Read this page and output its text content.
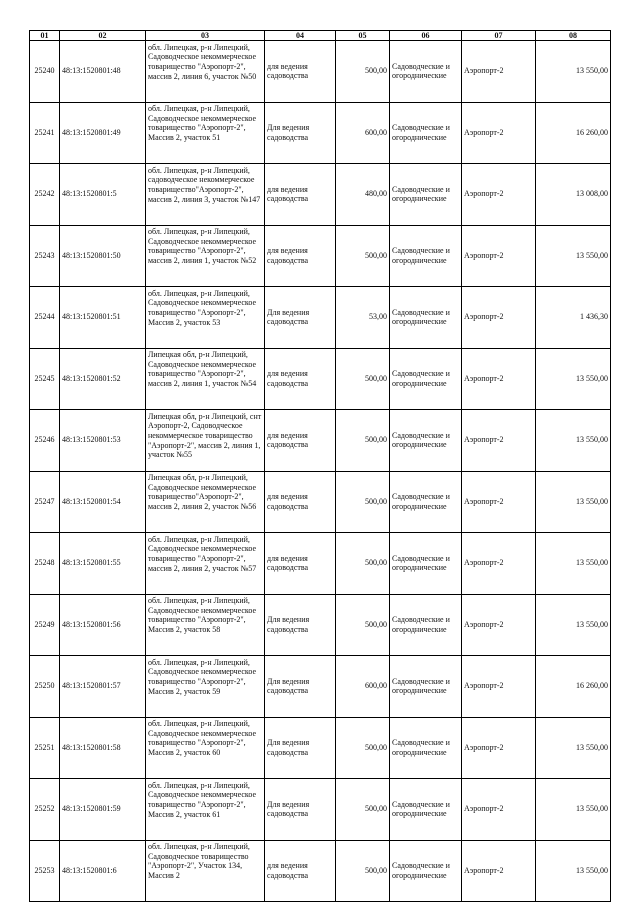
01	02	03	04	05	06	07	08
25240	48:13:1520801:48	обл. Липецкая, р-н Липецкий, Садоводческое некоммерческое товарищество "Аэропорт-2", массив 2, линия 6, участок №50	для ведения садоводства	500,00	Садоводческие и огороднические	Аэропорт-2	13 550,00
25241	48:13:1520801:49	обл. Липецкая, р-н Липецкий, Садоводческое некоммерческое товарищество "Аэропорт-2", Массив 2, участок 51	Для ведения садоводства	600,00	Садоводческие и огороднические	Аэропорт-2	16 260,00
25242	48:13:1520801:5	обл. Липецкая, р-н Липецкий, садоводческое некоммерческое товарищество"Аэропорт-2", массив 2, линия 3, участок №147	для ведения садоводства	480,00	Садоводческие и огороднические	Аэропорт-2	13 008,00
25243	48:13:1520801:50	обл. Липецкая, р-н Липецкий, Садоводческое некоммерческое товарищество "Аэропорт-2", массив 2, линия 1, участок №52	для ведения садоводства	500,00	Садоводческие и огороднические	Аэропорт-2	13 550,00
25244	48:13:1520801:51	обл. Липецкая, р-н Липецкий, Садоводческое некоммерческое товарищество "Аэропорт-2", Массив 2, участок 53	Для ведения садоводства	53,00	Садоводческие и огороднические	Аэропорт-2	1 436,30
25245	48:13:1520801:52	Липецкая обл, р-н Липецкий, Садоводческое некоммерческое товарищество "Аэропорт-2", массив 2, линия 1, участок №54	для ведения садоводства	500,00	Садоводческие и огороднические	Аэропорт-2	13 550,00
25246	48:13:1520801:53	Липецкая обл, р-н Липецкий, снт Аэропорт-2, Садоводческое некоммерческое товарищество "Аэропорт-2", массив 2, линия 1, участок №55	для ведения садоводства	500,00	Садоводческие и огороднические	Аэропорт-2	13 550,00
25247	48:13:1520801:54	Липецкая обл, р-н Липецкий, Садоводческое некоммерческое товарищество"Аэропорт-2", массив 2, линия 2, участок №56	для ведения садоводства	500,00	Садоводческие и огороднические	Аэропорт-2	13 550,00
25248	48:13:1520801:55	обл. Липецкая, р-н Липецкий, Садоводческое некоммерческое товарищество "Аэропорт-2", массив 2, линия 2, участок №57	для ведения садоводства	500,00	Садоводческие и огороднические	Аэропорт-2	13 550,00
25249	48:13:1520801:56	обл. Липецкая, р-н Липецкий, Садоводческое некоммерческое товарищество "Аэропорт-2", Массив 2, участок 58	Для ведения садоводства	500,00	Садоводческие и огороднические	Аэропорт-2	13 550,00
25250	48:13:1520801:57	обл. Липецкая, р-н Липецкий, Садоводческое некоммерческое товарищество "Аэропорт-2", Массив 2, участок 59	Для ведения садоводства	600,00	Садоводческие и огороднические	Аэропорт-2	16 260,00
25251	48:13:1520801:58	обл. Липецкая, р-н Липецкий, Садоводческое некоммерческое товарищество "Аэропорт-2", Массив 2, участок 60	Для ведения садоводства	500,00	Садоводческие и огороднические	Аэропорт-2	13 550,00
25252	48:13:1520801:59	обл. Липецкая, р-н Липецкий, Садоводческое некоммерческое товарищество "Аэропорт-2", Массив 2, участок 61	Для ведения садоводства	500,00	Садоводческие и огороднические	Аэропорт-2	13 550,00
25253	48:13:1520801:6	обл. Липецкая, р-н Липецкий, Садоводческое товарищество "Аэропорт-2", Участок 134, Массив 2	для ведения садоводства	500,00	Садоводческие и огороднические	Аэропорт-2	13 550,00
